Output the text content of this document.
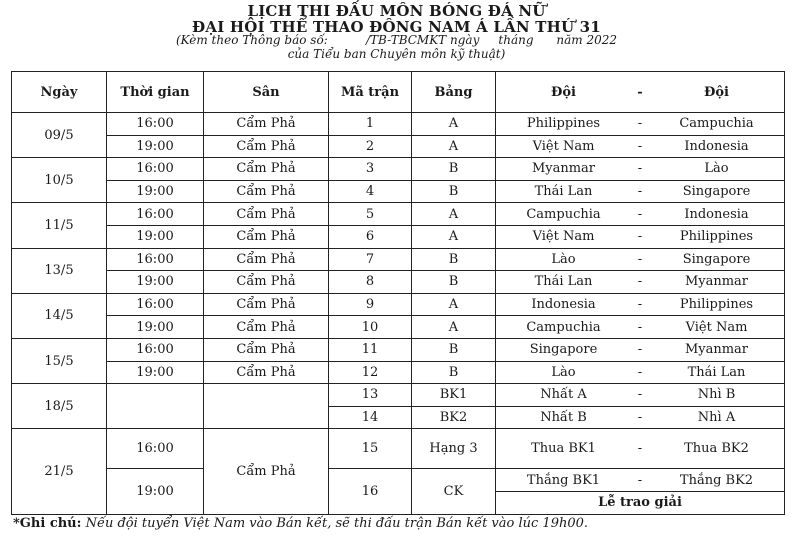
LỊCH THI ĐẤU MÔN BÓNG ĐÁ NỮ
ĐẠI HỘI THỂ THAO ĐÔNG NAM Á LẦN THỨ 31
(Kèm theo Thông báo số:          /TB-TBCMKT ngày     tháng      năm 2022
của Tiểu ban Chuyên môn kỹ thuật)
Ngày	Thời gian	Sân	Mã trận	Bảng	Đội - Đội

09/5	16:00	Cẩm Phả	1	A	Philippines - Campuchia

	19:00	Cẩm Phả	2	A	Việt Nam - Indonesia

10/5	16:00	Cẩm Phả	3	B	Myanmar - Lào

	19:00	Cẩm Phả	4	B	Thái Lan - Singapore

11/5	16:00	Cẩm Phả	5	A	Campuchia - Indonesia

	19:00	Cẩm Phả	6	A	Việt Nam - Philippines

13/5	16:00	Cẩm Phả	7	B	Lào - Singapore

	19:00	Cẩm Phả	8	B	Thái Lan - Myanmar

14/5	16:00	Cẩm Phả	9	A	Indonesia - Philippines

	19:00	Cẩm Phả	10	A	Campuchia - Việt Nam

15/5	16:00	Cẩm Phả	11	B	Singapore - Myanmar

	19:00	Cẩm Phả	12	B	Lào - Thái Lan

18/5			13	BK1	Nhất A - Nhì B

			14	BK2	Nhất B - Nhì A

21/5	16:00	Cẩm Phả	15	Hạng 3	Thua BK1 - Thua BK2

	19:00		16	CK	Thắng BK1 - Thắng BK2

					Lễ trao giải
*Ghi chú: Nếu đội tuyển Việt Nam vào Bán kết, sẽ thi đấu trận Bán kết vào lúc 19h00.
